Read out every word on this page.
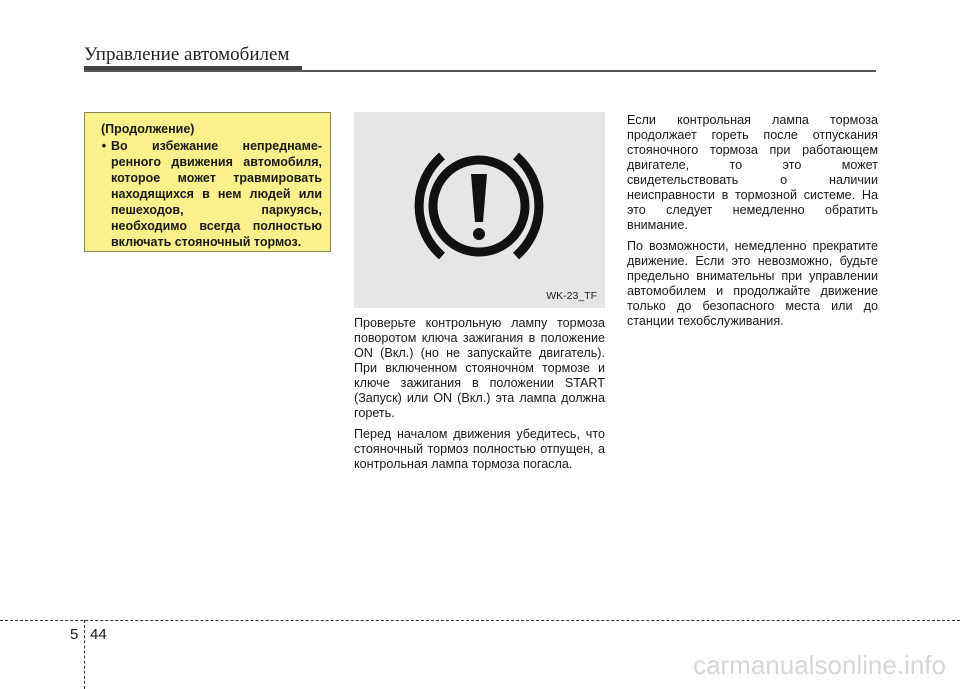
Управление автомобилем
(Продолжение)
• Во избежание непреднаме-ренного движения автомобиля, которое может травмировать находящихся в нем людей или пешеходов, паркуясь, необходимо всегда полностью включать стояночный тормоз.
WK-23_TF

Проверьте контрольную лампу тормоза поворотом ключа зажигания в положение ON (Вкл.) (но не запускайте двигатель). При включенном стояночном тормозе и ключе зажигания в положении START (Запуск) или ON (Вкл.) эта лампа должна гореть.

Перед началом движения убедитесь, что стояночный тормоз полностью отпущен, а контрольная лампа тормоза погасла.

Если контрольная лампа тормоза продолжает гореть после отпускания стояночного тормоза при работающем двигателе, то это может свидетельствовать о наличии неисправности в тормозной системе. На это следует немедленно обратить внимание.

По возможности, немедленно прекратите движение. Если это невозможно, будьте предельно внимательны при управлении автомобилем и продолжайте движение только до безопасного места или до станции техобслуживания.

5 44
carmanualsonline.info
